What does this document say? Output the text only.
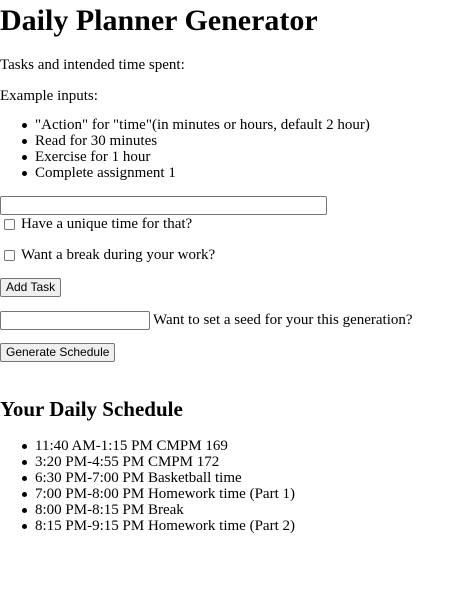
Daily Planner Generator
Tasks and intended time spent:
Example inputs:
"Action" for "time"(in minutes or hours, default 2 hour)
Read for 30 minutes
Exercise for 1 hour
Complete assignment 1
Have a unique time for that?
Want a break during your work?
Add Task
Want to set a seed for your this generation?
Generate Schedule
Your Daily Schedule
11:40 AM-1:15 PM CMPM 169
3:20 PM-4:55 PM CMPM 172
6:30 PM-7:00 PM Basketball time
7:00 PM-8:00 PM Homework time (Part 1)
8:00 PM-8:15 PM Break
8:15 PM-9:15 PM Homework time (Part 2)
